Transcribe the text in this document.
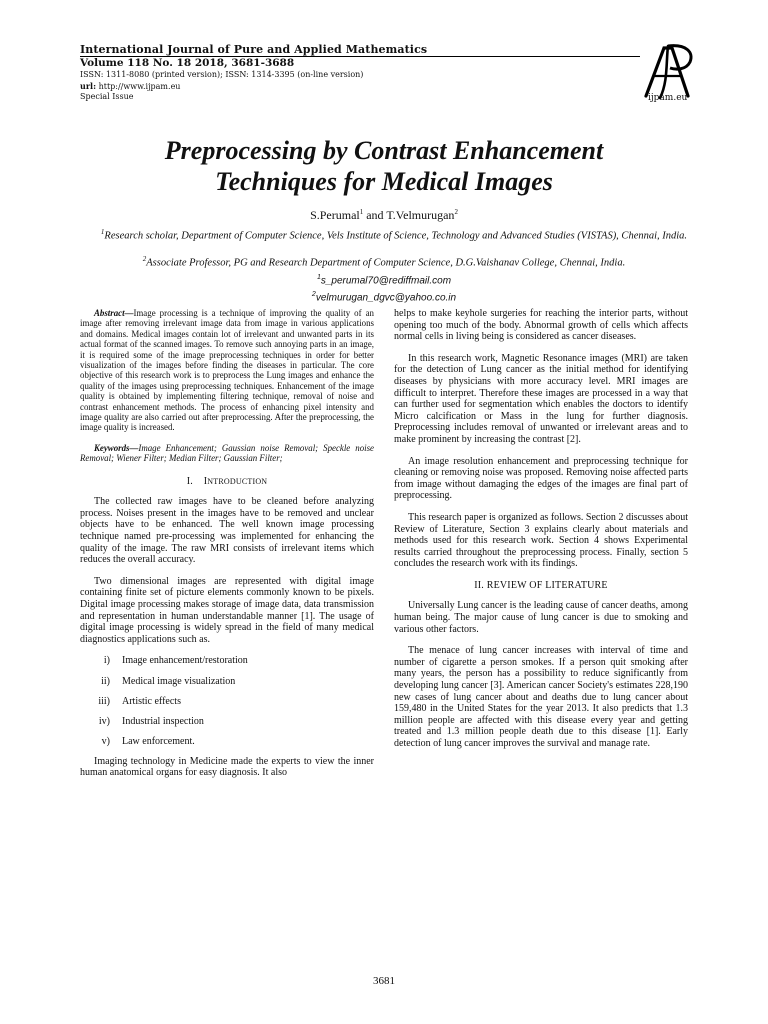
International Journal of Pure and Applied Mathematics
Volume 118 No. 18 2018, 3681-3688
ISSN: 1311-8080 (printed version); ISSN: 1314-3395 (on-line version)
url: http://www.ijpam.eu
Special Issue	ijpam.eu
Preprocessing by Contrast Enhancement
Techniques for Medical Images
S.Perumal$^1$ and T.Velmurugan$^2$
$^1$Research scholar, Department of Computer Science, Vels Institute of Science, Technology and Advanced Studies (VISTAS), Chennai, India.
$^2$Associate Professor, PG and Research Department of Computer Science, D.G.Vaishanav College, Chennai, India.
$^1$s_perumal70@rediffmail.com
$^2$velmurugan_dgvc@yahoo.co.in
Abstract—Image processing is a technique of improving the quality of an image after removing irrelevant image data from image in various applications and domains. Medical images contain lot of irrelevant and unwanted parts in its actual format of the scanned images. To remove such annoying parts in an image, it is required some of the image preprocessing techniques in order for better visualization of the images before finding the diseases in particular. The core objective of this research work is to preprocess the Lung images and enhance the quality of the images using preprocessing techniques. Enhancement of the image quality is obtained by implementing filtering technique, removal of noise and contrast enhancement methods. The process of enhancing pixel intensity and image quality are also carried out after preprocessing. After the preprocessing, the image quality is increased.
Keywords—Image Enhancement; Gaussian noise Removal; Speckle noise Removal; Wiener Filter; Median Filter; Gaussian Filter;
I. INTRODUCTION

The collected raw images have to be cleaned before analyzing process. Noises present in the images have to be removed and unclear objects have to be enhanced. The well known image processing technique named pre-processing was implemented for enhancing the quality of the image. The raw MRI consists of irrelevant items which reduces the overall accuracy.

Two dimensional images are represented with digital image containing finite set of picture elements commonly known to be pixels. Digital image processing makes storage of image data, data transmission and representation in human understandable manner [1]. The usage of digital image processing is widely spread in the field of many medical diagnostics applications such as.

i) Image enhancement/restoration
ii) Medical image visualization
iii) Artistic effects
iv) Industrial inspection
v) Law enforcement.

Imaging technology in Medicine made the experts to view the inner human anatomical organs for easy diagnosis. It also

helps to make keyhole surgeries for reaching the interior parts, without opening too much of the body. Abnormal growth of cells which affects normal cells in living being is considered as cancer diseases.

In this research work, Magnetic Resonance images (MRI) are taken for the detection of Lung cancer as the initial method for identifying diseases by physicians with more accuracy level. MRI images are difficult to interpret. Therefore these images are processed in a way that can further used for segmentation which enables the doctors to identify Micro calcification or Mass in the lung for further diagnosis. Preprocessing includes removal of unwanted or irrelevant areas and to make prominent by increasing the contrast [2].

An image resolution enhancement and preprocessing technique for cleaning or removing noise was proposed. Removing noise affected parts from image without damaging the edges of the images are final part of preprocessing.

This research paper is organized as follows. Section 2 discusses about Review of Literature, Section 3 explains clearly about materials and methods used for this research work. Section 4 shows Experimental results carried throughout the preprocessing process. Finally, section 5 concludes the research work with its findings.

II. REVIEW OF LITERATURE

Universally Lung cancer is the leading cause of cancer deaths, among human being. The major cause of lung cancer is due to smoking and various other factors.

The menace of lung cancer increases with interval of time and number of cigarette a person smokes. If a person quit smoking after many years, the person has a possibility to reduce significantly from developing lung cancer [3]. American cancer Society's estimates 228,190 new cases of lung cancer about and deaths due to lung cancer about 159,480 in the United States for the year 2013. It also predicts that 1.3 million people are affected with this disease every year and getting treated and 1.3 million people death due to this disease [1]. Early detection of lung cancer improves the survival and manage rate.

3681
